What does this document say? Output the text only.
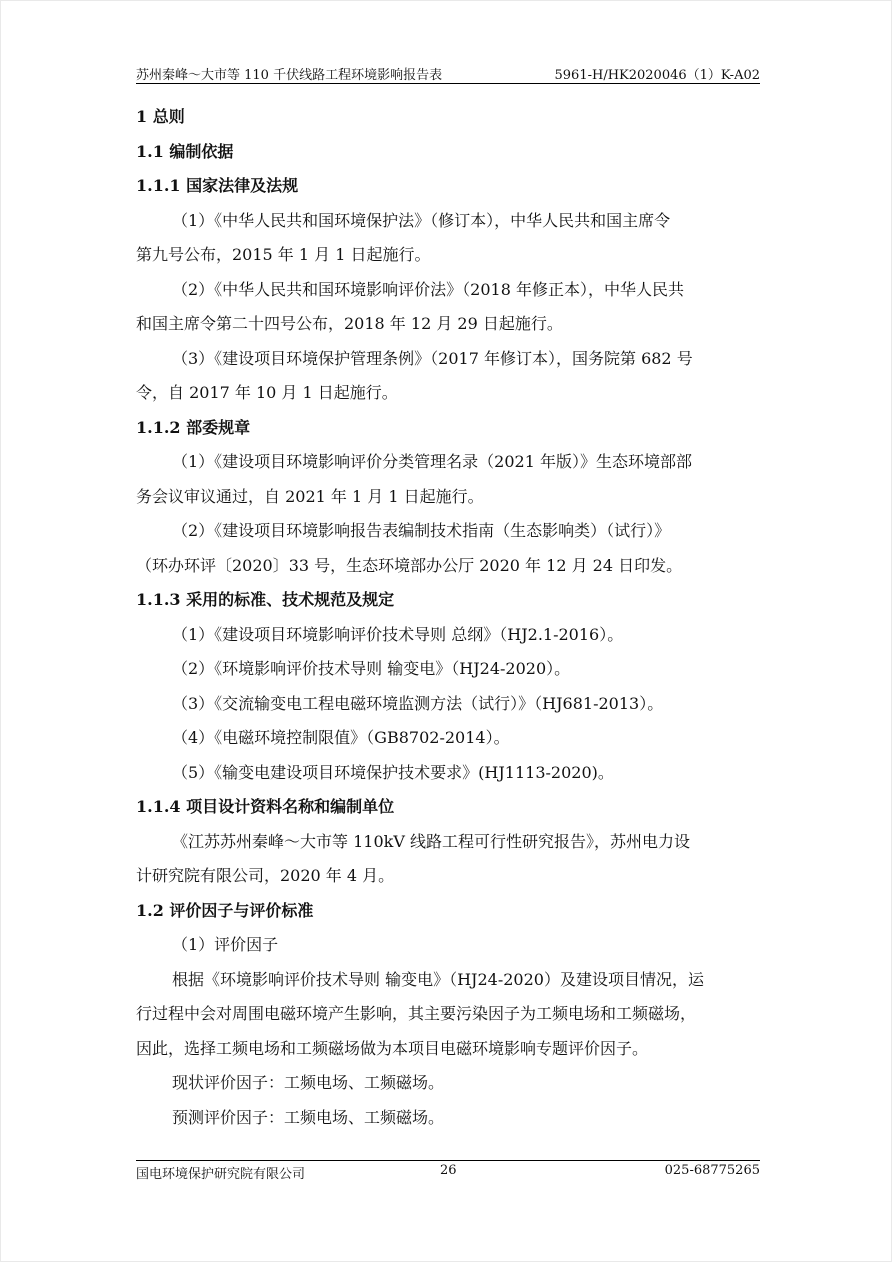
苏州秦峰～大市等 110 千伏线路工程环境影响报告表	5961-H/HK2020046（1）K-A02
1 总则
1.1 编制依据
1.1.1 国家法律及法规
（1）《中华人民共和国环境保护法》（修订本），中华人民共和国主席令
第九号公布，2015 年 1 月 1 日起施行。
（2）《中华人民共和国环境影响评价法》（2018 年修正本），中华人民共
和国主席令第二十四号公布，2018 年 12 月 29 日起施行。
（3）《建设项目环境保护管理条例》（2017 年修订本），国务院第 682 号
令，自 2017 年 10 月 1 日起施行。
1.1.2 部委规章
（1）《建设项目环境影响评价分类管理名录（2021 年版）》生态环境部部
务会议审议通过，自 2021 年 1 月 1 日起施行。
（2）《建设项目环境影响报告表编制技术指南（生态影响类）（试行）》
（环办环评〔2020〕33 号，生态环境部办公厅 2020 年 12 月 24 日印发。
1.1.3 采用的标准、技术规范及规定
（1）《建设项目环境影响评价技术导则 总纲》（HJ2.1-2016）。
（2）《环境影响评价技术导则 输变电》（HJ24-2020）。
（3）《交流输变电工程电磁环境监测方法（试行）》（HJ681-2013）。
（4）《电磁环境控制限值》（GB8702-2014）。
（5）《输变电建设项目环境保护技术要求》(HJ1113-2020)。
1.1.4 项目设计资料名称和编制单位
《江苏苏州秦峰～大市等 110kV 线路工程可行性研究报告》，苏州电力设
计研究院有限公司，2020 年 4 月。
1.2 评价因子与评价标准
（1）评价因子
根据《环境影响评价技术导则 输变电》（HJ24-2020）及建设项目情况，运
行过程中会对周围电磁环境产生影响，其主要污染因子为工频电场和工频磁场，
因此，选择工频电场和工频磁场做为本项目电磁环境影响专题评价因子。
现状评价因子：工频电场、工频磁场。
预测评价因子：工频电场、工频磁场。
国电环境保护研究院有限公司	26	025-68775265
